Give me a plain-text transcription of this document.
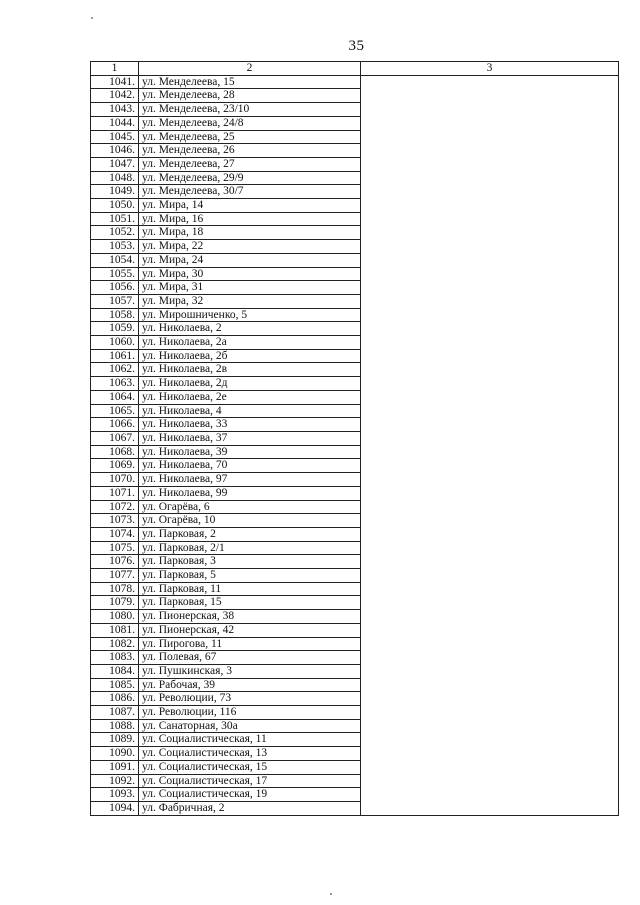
35
1	2	3
1041.	ул. Менделеева, 15	
1042.	ул. Менделеева, 28	
1043.	ул. Менделеева, 23/10	
1044.	ул. Менделеева, 24/8	
1045.	ул. Менделеева, 25	
1046.	ул. Менделеева, 26	
1047.	ул. Менделеева, 27	
1048.	ул. Менделеева, 29/9	
1049.	ул. Менделеева, 30/7	
1050.	ул. Мира, 14	
1051.	ул. Мира, 16	
1052.	ул. Мира, 18	
1053.	ул. Мира, 22	
1054.	ул. Мира, 24	
1055.	ул. Мира, 30	
1056.	ул. Мира, 31	
1057.	ул. Мира, 32	
1058.	ул. Мирошниченко, 5	
1059.	ул. Николаева, 2	
1060.	ул. Николаева, 2а	
1061.	ул. Николаева, 2б	
1062.	ул. Николаева, 2в	
1063.	ул. Николаева, 2д	
1064.	ул. Николаева, 2е	
1065.	ул. Николаева, 4	
1066.	ул. Николаева, 33	
1067.	ул. Николаева, 37	
1068.	ул. Николаева, 39	
1069.	ул. Николаева, 70	
1070.	ул. Николаева, 97	
1071.	ул. Николаева, 99	
1072.	ул. Огарёва, 6	
1073.	ул. Огарёва, 10	
1074.	ул. Парковая, 2	
1075.	ул. Парковая, 2/1	
1076.	ул. Парковая, 3	
1077.	ул. Парковая, 5	
1078.	ул. Парковая, 11	
1079.	ул. Парковая, 15	
1080.	ул. Пионерская, 38	
1081.	ул. Пионерская, 42	
1082.	ул. Пирогова, 11	
1083.	ул. Полевая, 67	
1084.	ул. Пушкинская, 3	
1085.	ул. Рабочая, 39	
1086.	ул. Революции, 73	
1087.	ул. Революции, 116	
1088.	ул. Санаторная, 30а	
1089.	ул. Социалистическая, 11	
1090.	ул. Социалистическая, 13	
1091.	ул. Социалистическая, 15	
1092.	ул. Социалистическая, 17	
1093.	ул. Социалистическая, 19	
1094.	ул. Фабричная, 2	
